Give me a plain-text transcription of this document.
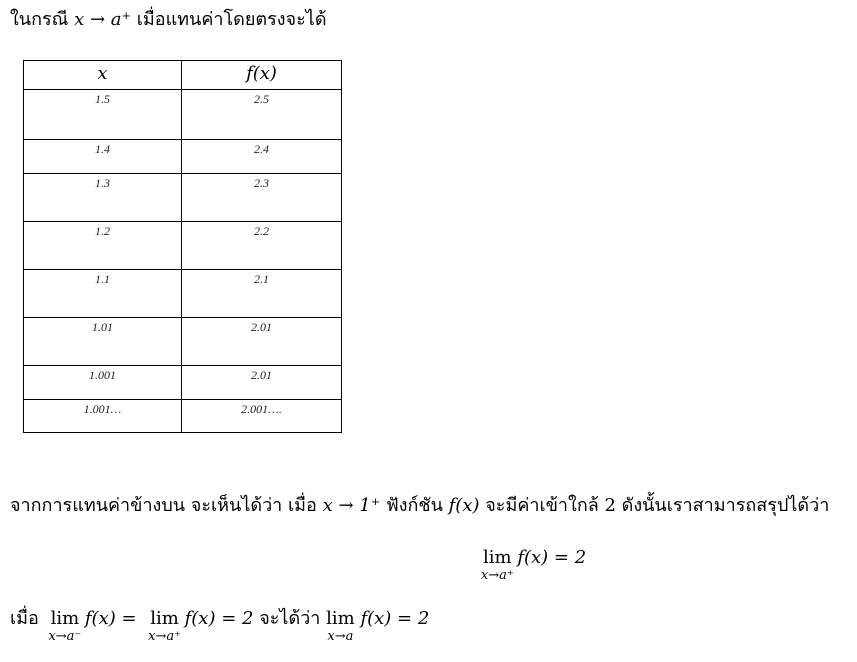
ในกรณี x → a⁺ เมื่อแทนค่าโดยตรงจะได้
x	f(x)
1.5	2.5
1.4	2.4
1.3	2.3
1.2	2.2
1.1	2.1
1.01	2.01
1.001	2.01
1.001…	2.001….
จากการแทนค่าข้างบน จะเห็นได้ว่า เมื่อ x → 1⁺ ฟังก์ชัน f(x) จะมีค่าเข้าใกล้ 2 ดังนั้นเราสามารถสรุปได้ว่า
lim
x→a⁺
f(x) = 2
เมื่อ lim
x→a⁻
f(x) = lim
x→a⁺
f(x) = 2 จะได้ว่า lim
x→a
f(x) = 2
